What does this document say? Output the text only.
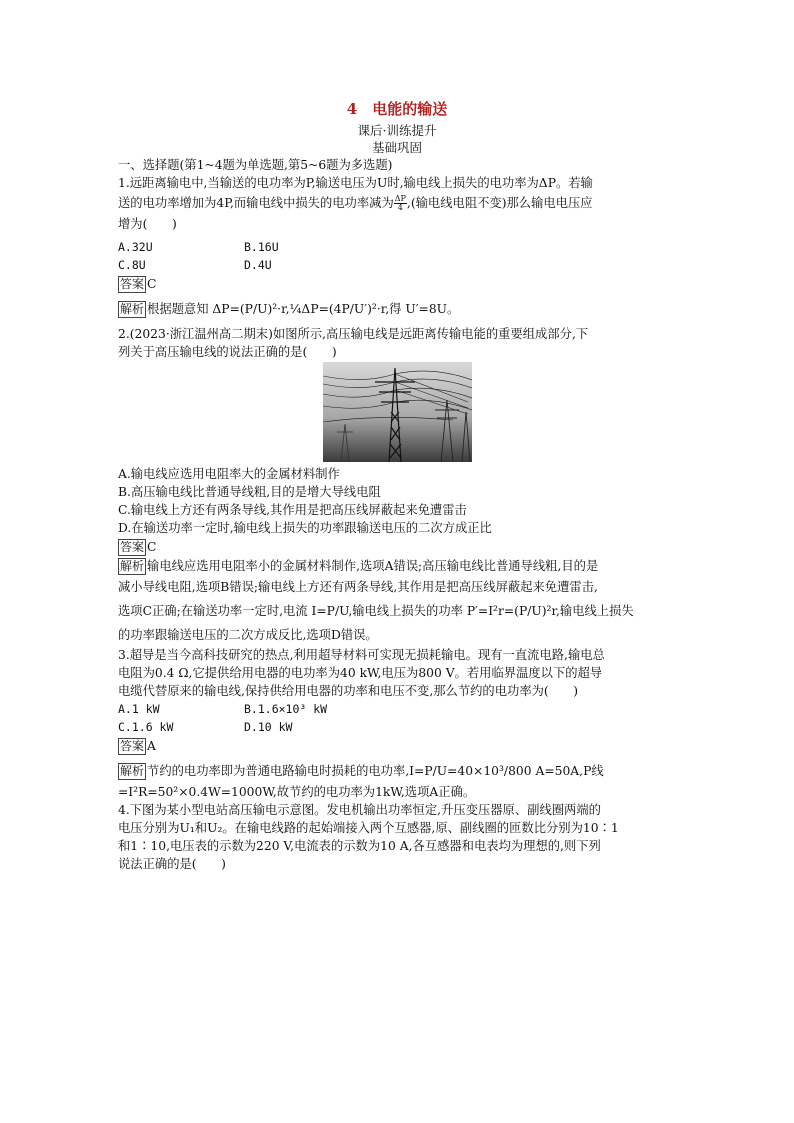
4　电能的输送
课后·训练提升
基础巩固
一、选择题(第1~4题为单选题,第5~6题为多选题)
1.远距离输电中,当输送的电功率为P,输送电压为U时,输电线上损失的电功率为ΔP。若输
送的电功率增加为4P,而输电线中损失的电功率减为 $\frac{\Delta P}{4}$ ,(输电线电阻不变)那么输电电压应
增为(　　)
A.32U	B.16U
C.8U	D.4U
答案 C
解析 根据题意知 ΔP=(P/U)²·r,¼ΔP=(4P/U′)²·r,得 U′=8U。
2.(2023·浙江温州高二期末)如图所示,高压输电线是远距离传输电能的重要组成部分,下
列关于高压输电线的说法正确的是(　　)
A.输电线应选用电阻率大的金属材料制作
B.高压输电线比普通导线粗,目的是增大导线电阻
C.输电线上方还有两条导线,其作用是把高压线屏蔽起来免遭雷击
D.在输送功率一定时,输电线上损失的功率跟输送电压的二次方成正比
答案 C
解析 输电线应选用电阻率小的金属材料制作,选项A错误;高压输电线比普通导线粗,目的是
减小导线电阻,选项B错误;输电线上方还有两条导线,其作用是把高压线屏蔽起来免遭雷击,
选项C正确;在输送功率一定时,电流 I=P/U,输电线上损失的功率 P′=I²r=(P/U)²r,输电线上损失
的功率跟输送电压的二次方成反比,选项D错误。
3.超导是当今高科技研究的热点,利用超导材料可实现无损耗输电。现有一直流电路,输电总
电阻为0.4 Ω,它提供给用电器的电功率为40 kW,电压为800 V。若用临界温度以下的超导
电缆代替原来的输电线,保持供给用电器的功率和电压不变,那么节约的电功率为(　　)
A.1 kW	B.1.6×10³ kW
C.1.6 kW	D.10 kW
答案 A
解析 节约的电功率即为普通电路输电时损耗的电功率,I=P/U=40×10³/800 A=50A,P线
=I²R=50²×0.4W=1000W,故节约的电功率为1kW,选项A正确。
4.下图为某小型电站高压输电示意图。发电机输出功率恒定,升压变压器原、副线圈两端的
电压分别为U₁和U₂。在输电线路的起始端接入两个互感器,原、副线圈的匝数比分别为10∶1
和1∶10,电压表的示数为220 V,电流表的示数为10 A,各互感器和电表均为理想的,则下列
说法正确的是(　　)
